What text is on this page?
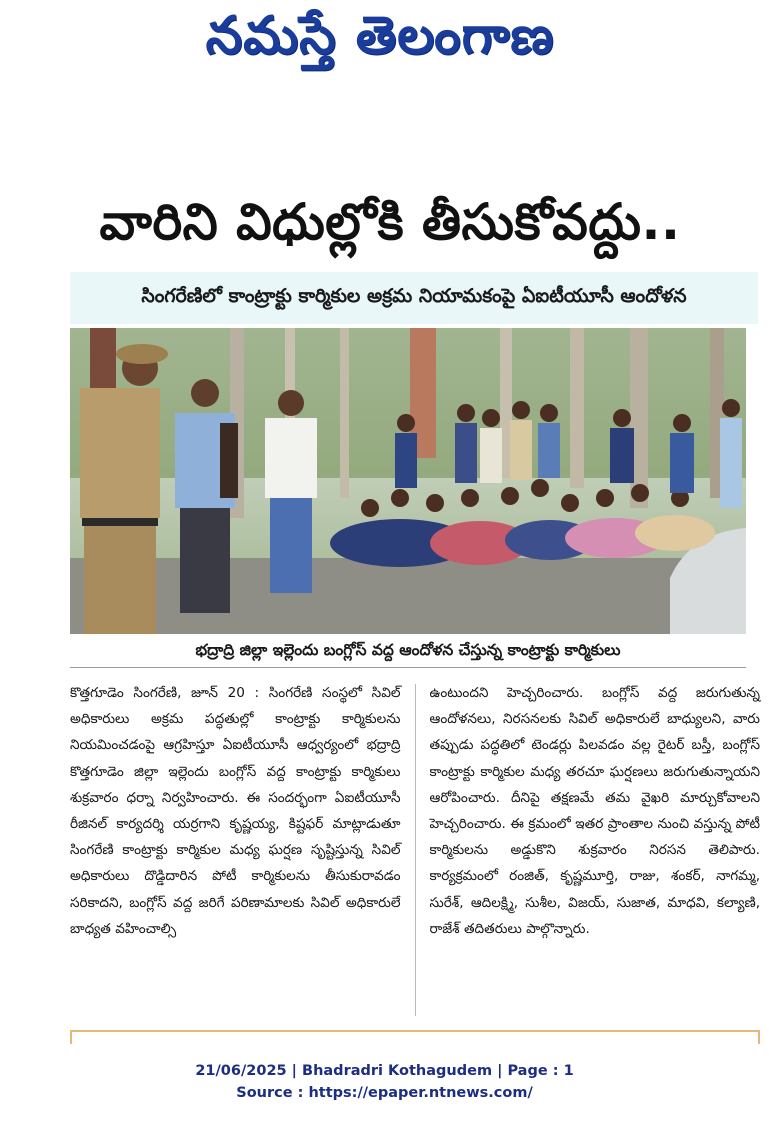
నమస్తే తెలంగాణ
వారిని విధుల్లోకి తీసుకోవద్దు..
సింగరేణిలో కాంట్రాక్టు కార్మికుల అక్రమ నియామకంపై ఏఐటీయూసీ ఆందోళన
భద్రాద్రి జిల్లా ఇల్లెందు బంగ్లోస్ వద్ద ఆందోళన చేస్తున్న కాంట్రాక్టు కార్మికులు

కొత్తగూడెం సింగరేణి, జూన్ 20 : సింగరేణి సంస్థలో సివిల్ అధికారులు అక్రమ పద్ధతుల్లో కాంట్రాక్టు కార్మికులను నియమించడంపై ఆగ్రహిస్తూ ఏఐటీయూసీ ఆధ్వర్యంలో భద్రాద్రి కొత్తగూడెం జిల్లా ఇల్లెందు బంగ్లోస్ వద్ద కాంట్రాక్టు కార్మికులు శుక్రవారం ధర్నా నిర్వహించారు. ఈ సందర్భంగా ఏఐటీయూసీ రీజినల్ కార్యదర్శి యర్రగాని కృష్ణయ్య, కిష్టఫర్ మాట్లాడుతూ సింగరేణి కాంట్రాక్టు కార్మికుల మధ్య ఘర్షణ సృష్టిస్తున్న సివిల్ అధికారులు దొడ్డిదారిన పోటీ కార్మికులను తీసుకురావడం సరికాదని, బంగ్లోస్ వద్ద జరిగే పరిణామాలకు సివిల్ అధికారులే బాధ్యత వహించాల్సి

ఉంటుందని హెచ్చరించారు. బంగ్లోస్ వద్ద జరుగుతున్న ఆందోళనలు, నిరసనలకు సివిల్ అధికారులే బాధ్యులని, వారు తప్పుడు పద్ధతిలో టెండర్లు పిలవడం వల్ల రైటర్ బస్తీ, బంగ్లోస్ కాంట్రాక్టు కార్మికుల మధ్య తరచూ ఘర్షణలు జరుగుతున్నాయని ఆరోపించారు. దీనిపై తక్షణమే తమ వైఖరి మార్చుకోవాలని హెచ్చరించారు. ఈ క్రమంలో ఇతర ప్రాంతాల నుంచి వస్తున్న పోటీ కార్మికులను అడ్డుకొని శుక్రవారం నిరసన తెలిపారు. కార్యక్రమంలో రంజిత్, కృష్ణమూర్తి, రాజు, శంకర్, నాగమ్మ, సురేశ్, ఆదిలక్ష్మి, సుశీల, విజయ్, సుజాత, మాధవి, కల్యాణి, రాజేశ్ తదితరులు పాల్గొన్నారు.

21/06/2025 | Bhadradri Kothagudem | Page : 1
Source : https://epaper.ntnews.com/
